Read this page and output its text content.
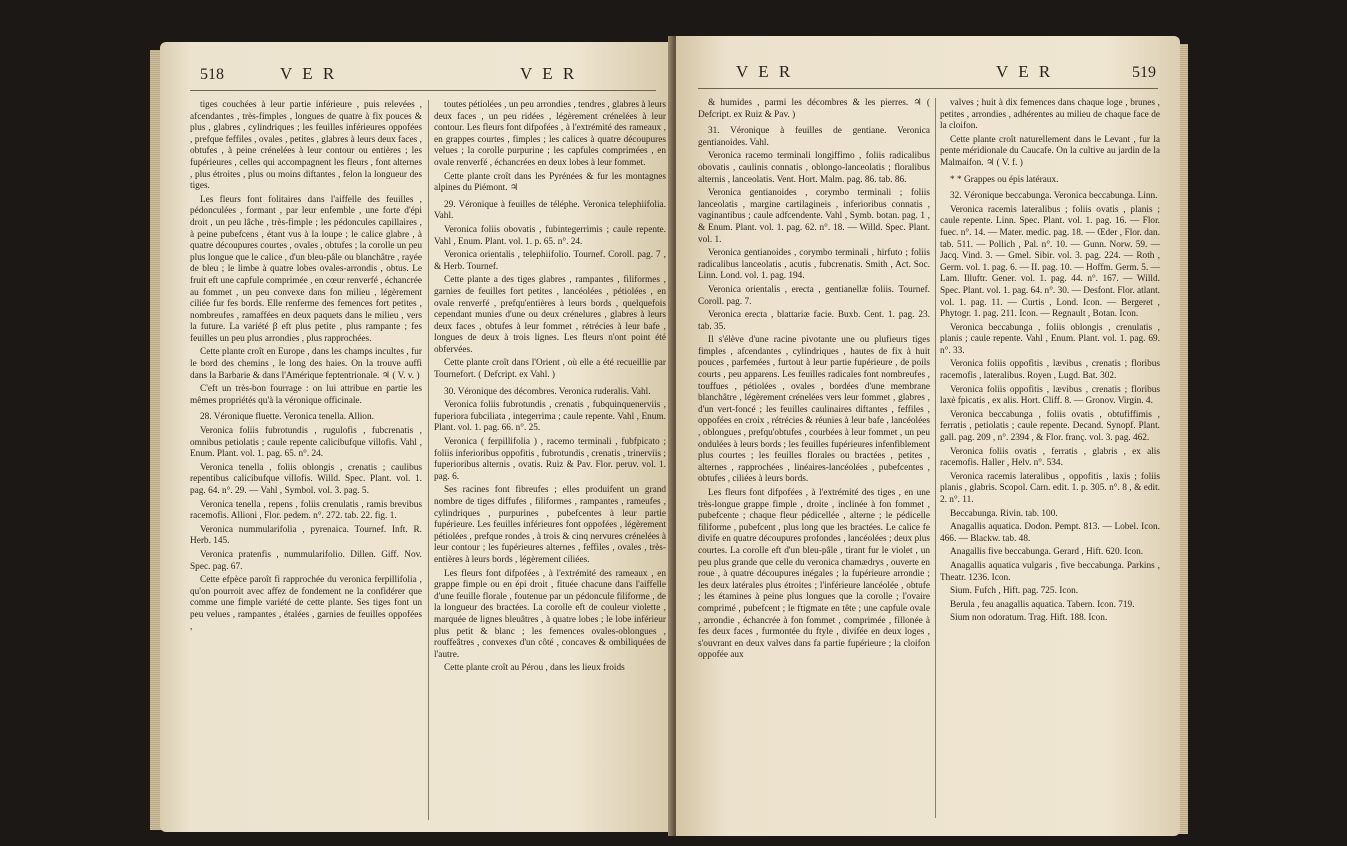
518	V E R	V E R

tiges couchées à leur partie inférieure , puis relevées , afcendantes , très-fimples , longues de quatre à fix pouces & plus , glabres , cylindriques ; les feuilles inférieures oppofées , prefque feffiles , ovales , petites , glabres à leurs deux faces , obtufes , à peine crénelées à leur contour ou entières ; les fupérieures , celles qui accompagnent les fleurs , font alternes , plus étroites , plus ou moins diftantes , felon la longueur des tiges.

Les fleurs font folitaires dans l'aiffelle des feuilles , pédonculées , formant , par leur enfemble , une forte d'épi droit , un peu lâche , très-fimple ; les pédoncules capillaires , à peine pubefcens , étant vus à la loupe ; le calice glabre , à quatre découpures courtes , ovales , obtufes ; la corolle un peu plus longue que le calice , d'un bleu-pâle ou blanchâtre , rayée de bleu ; le limbe à quatre lobes ovales-arrondis , obtus. Le fruit eft une capfule comprimée , en cœur renverfé , échancrée au fommet , un peu convexe dans fon milieu , légèrement ciliée fur fes bords. Elle renferme des femences fort petites , nombreufes , ramaffées en deux paquets dans le milieu , vers la future. La variété β eft plus petite , plus rampante ; fes feuilles un peu plus arrondies , plus rapprochées.

Cette plante croît en Europe , dans les champs incultes , fur le bord des chemins , le long des haies. On la trouve auffi dans la Barbarie & dans l'Amérique feptentrionale. ♃ ( V. v. )

C'eft un très-bon fourrage : on lui attribue en partie les mêmes propriétés qu'à la véronique officinale.

28. Véronique fluette. Veronica tenella. Allion.

Veronica foliis fubrotundis , rugulofis , fubcrenatis , omnibus petiolatis ; caule repente calicibufque villofis. Vahl , Enum. Plant. vol. 1. pag. 65. n°. 24.

Veronica tenella , foliis oblongis , crenatis ; caulibus repentibus calicibufque villofis. Willd. Spec. Plant. vol. 1. pag. 64. n°. 29. — Vahl , Symbol. vol. 3. pag. 5.

Veronica tenella , repens , foliis crenulatis , ramis brevibus racemofis. Allioni , Flor. pedem. n°. 272. tab. 22. fig. 1.

Veronica nummularifolia , pyrenaica. Tournef. Inft. R. Herb. 145.

Veronica pratenfis , nummularifolio. Dillen. Giff. Nov. Spec. pag. 67.

Cette efpèce paroît fi rapprochée du veronica ferpillifolia , qu'on pourroit avec affez de fondement ne la confidérer que comme une fimple variété de cette plante. Ses tiges font un peu velues , rampantes , étalées , garnies de feuilles oppofées ,

toutes pétiolées , un peu arrondies , tendres , glabres à leurs deux faces , un peu ridées , légèrement crénelées à leur contour. Les fleurs font difpofées , à l'extrémité des rameaux , en grappes courtes , fimples ; les calices à quatre découpures velues ; la corolle purpurine ; les capfules comprimées , en ovale renverfé , échancrées en deux lobes à leur fommet.

Cette plante croît dans les Pyrénées & fur les montagnes alpines du Piémont. ♃

29. Véronique à feuilles de téléphe. Veronica telephiifolia. Vahl.

Veronica foliis obovatis , fubintegerrimis ; caule repente. Vahl , Enum. Plant. vol. 1. p. 65. n°. 24.

Veronica orientalis , telephiifolio. Tournef. Coroll. pag. 7 , & Herb. Tournef.

Cette plante a des tiges glabres , rampantes , filiformes , garnies de feuilles fort petites , lancéolées , pétiolées , en ovale renverfé , prefqu'entières à leurs bords , quelquefois cependant munies d'une ou deux crénelures , glabres à leurs deux faces , obtufes à leur fommet , rétrécies à leur bafe , longues de deux à trois lignes. Les fleurs n'ont point été obfervées.

Cette plante croît dans l'Orient , où elle a été recueillie par Tournefort. ( Defcript. ex Vahl. )

30. Véronique des décombres. Veronica ruderalis. Vahl.

Veronica foliis fubrotundis , crenatis , fubquinquenerviis , fuperiora fubciliata , integerrima ; caule repente. Vahl , Enum. Plant. vol. 1. pag. 66. n°. 25.

Veronica ( ferpillifolia ) , racemo terminali , fubfpicato ; foliis inferioribus oppofitis , fubrotundis , crenatis , trinerviis ; fuperioribus alternis , ovatis. Ruiz & Pav. Flor. peruv. vol. 1. pag. 6.

Ses racines font fibreufes ; elles produifent un grand nombre de tiges diffufes , filiformes , rampantes , rameufes , cylindriques , purpurines , pubefcentes à leur partie fupérieure. Les feuilles inférieures font oppofées , légèrement pétiolées , prefque rondes , à trois & cinq nervures crénelées à leur contour ; les fupérieures alternes , feffiles , ovales , très-entières à leurs bords , légèrement ciliées.

Les fleurs font difpofées , à l'extrémité des rameaux , en grappe fimple ou en épi droit , fituée chacune dans l'aiffelle d'une feuille florale , foutenue par un pédoncule filiforme , de la longueur des bractées. La corolle eft de couleur violette , marquée de lignes bleuâtres , à quatre lobes ; le lobe inférieur plus petit & blanc ; les femences ovales-oblongues , rouffeâtres , convexes d'un côté , concaves & ombiliquées de l'autre.

Cette plante croît au Pérou , dans les lieux froids

V E R	V E R	519

& humides , parmi les décombres & les pierres. ♃ ( Defcript. ex Ruiz & Pav. )

31. Véronique à feuilles de gentiane. Veronica gentianoides. Vahl.

Veronica racemo terminali longiffimo , foliis radicalibus obovatis , caulinis connatis , oblongo-lanceolatis ; floralibus alternis , lanceolatis. Vent. Hort. Malm. pag. 86. tab. 86.

Veronica gentianoides , corymbo terminali ; foliis lanceolatis , margine cartilagineis , inferioribus connatis , vaginantibus ; caule adfcendente. Vahl , Symb. botan. pag. 1 , & Enum. Plant. vol. 1. pag. 62. n°. 18. — Willd. Spec. Plant. vol. 1.

Veronica gentianoides , corymbo terminali , hirfuto ; foliis radicalibus lanceolatis , acutis , fubcrenatis. Smith , Act. Soc. Linn. Lond. vol. 1. pag. 194.

Veronica orientalis , erecta , gentianellæ foliis. Tournef. Coroll. pag. 7.

Veronica erecta , blattariæ facie. Buxb. Cent. 1. pag. 23. tab. 35.

Il s'élève d'une racine pivotante une ou plufieurs tiges fimples , afcendantes , cylindriques , hautes de fix à huit pouces , parfemées , furtout à leur partie fupérieure , de poils courts , peu apparens. Les feuilles radicales font nombreufes , touffues , pétiolées , ovales , bordées d'une membrane blanchâtre , légèrement crénelées vers leur fommet , glabres , d'un vert-foncé ; les feuilles caulinaires diftantes , feffiles , oppofées en croix , rétrécies & réunies à leur bafe , lancéolées , oblongues , prefqu'obtufes , courbées à leur fommet , un peu ondulées à leurs bords ; les feuilles fupérieures infenfiblement plus courtes ; les feuilles florales ou bractées , petites , alternes , rapprochées , linéaires-lancéolées , pubefcentes , obtufes , ciliées à leurs bords.

Les fleurs font difpofées , à l'extrémité des tiges , en une très-longue grappe fimple , droite , inclinée à fon fommet , pubefcente ; chaque fleur pédicellée , alterne ; le pédicelle filiforme , pubefcent , plus long que les bractées. Le calice fe divife en quatre découpures profondes , lancéolées ; deux plus courtes. La corolle eft d'un bleu-pâle , tirant fur le violet , un peu plus grande que celle du veronica chamædrys , ouverte en roue , à quatre découpures inégales ; la fupérieure arrondie ; les deux latérales plus étroites ; l'inférieure lancéolée , obtufe ; les étamines à peine plus longues que la corolle ; l'ovaire comprimé , pubefcent ; le ftigmate en tête ; une capfule ovale , arrondie , échancrée à fon fommet , comprimée , fillonée à fes deux faces , furmontée du ftyle , divifée en deux loges , s'ouvrant en deux valves dans fa partie fupérieure ; la cloifon oppofée aux

valves ; huit à dix femences dans chaque loge , brunes , petites , arrondies , adhérentes au milieu de chaque face de la cloifon.

Cette plante croît naturellement dans le Levant , fur la pente méridionale du Caucafe. On la cultive au jardin de la Malmaifon. ♃ ( V. f. )

* * Grappes ou épis latéraux.

32. Véronique beccabunga. Veronica beccabunga. Linn.

Veronica racemis lateralibus ; foliis ovatis , planis ; caule repente. Linn. Spec. Plant. vol. 1. pag. 16. — Flor. fuec. n°. 14. — Mater. medic. pag. 18. — Œder , Flor. dan. tab. 511. — Pollich , Pal. n°. 10. — Gunn. Norw. 59. — Jacq. Vind. 3. — Gmel. Sibir. vol. 3. pag. 224. — Roth , Germ. vol. 1. pag. 6. — II. pag. 10. — Hoffm. Germ. 5. — Lam. Illuftr. Gener. vol. 1. pag. 44. n°. 167. — Willd. Spec. Plant. vol. 1. pag. 64. n°. 30. — Desfont. Flor. atlant. vol. 1. pag. 11. — Curtis , Lond. Icon. — Bergeret , Phytogr. 1. pag. 211. Icon. — Regnault , Botan. Icon.

Veronica beccabunga , foliis oblongis , crenulatis , planis ; caule repente. Vahl , Enum. Plant. vol. 1. pag. 69. n°. 33.

Veronica foliis oppofitis , lævibus , crenatis ; floribus racemofis , lateralibus. Royen , Lugd. Bat. 302.

Veronica foliis oppofitis , lævibus , crenatis ; floribus laxè fpicatis , ex alis. Hort. Cliff. 8. — Gronov. Virgin. 4.

Veronica beccabunga , foliis ovatis , obtufiffimis , ferratis , petiolatis ; caule repente. Decand. Synopf. Plant. gall. pag. 209 , n°. 2394 , & Flor. franç. vol. 3. pag. 462.

Veronica foliis ovatis , ferratis , glabris , ex alis racemofis. Haller , Helv. n°. 534.

Veronica racemis lateralibus , oppofitis , laxis ; foliis planis , glabris. Scopol. Carn. edit. 1. p. 305. n°. 8 , & edit. 2. n°. 11.

Beccabunga. Rivin. tab. 100.

Anagallis aquatica. Dodon. Pempt. 813. — Lobel. Icon. 466. — Blackw. tab. 48.

Anagallis five beccabunga. Gerard , Hift. 620. Icon.

Anagallis aquatica vulgaris , five beccabunga. Parkins , Theatr. 1236. Icon.

Sium. Fufch , Hift. pag. 725. Icon.

Berula , feu anagallis aquatica. Tabern. Icon. 719.

Sium non odoratum. Trag. Hift. 188. Icon.
